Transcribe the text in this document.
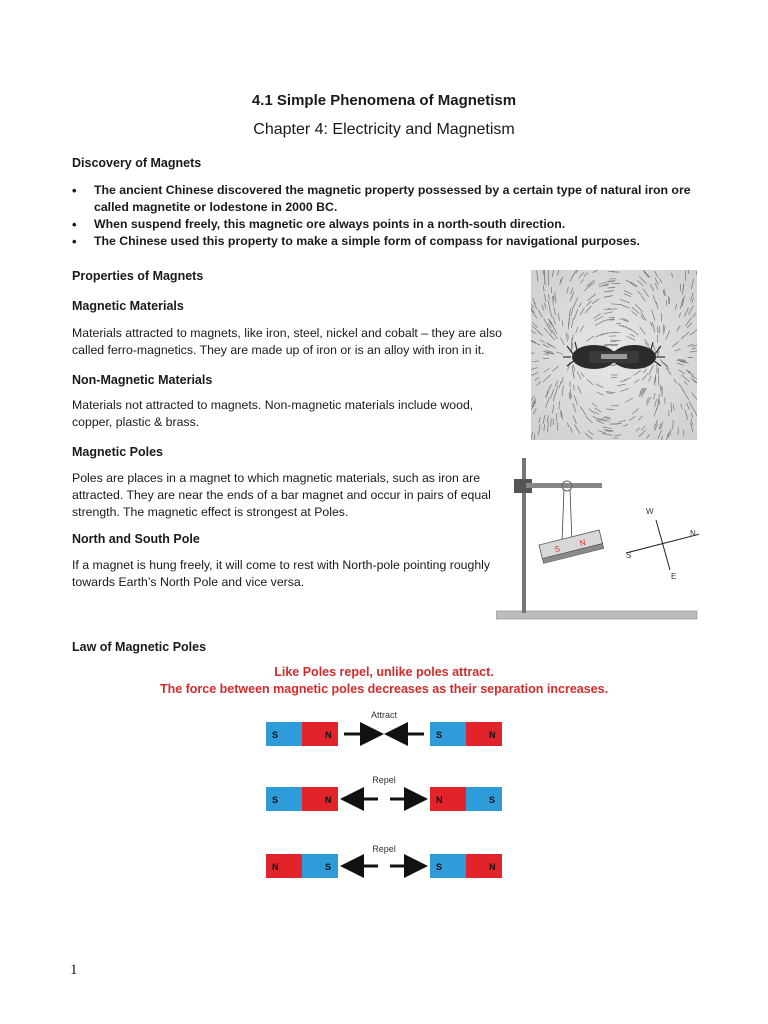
4.1 Simple Phenomena of Magnetism
Chapter 4: Electricity and Magnetism
Discovery of Magnets
• The ancient Chinese discovered the magnetic property possessed by a certain type of natural iron ore called magnetite or lodestone in 2000 BC.
• When suspend freely, this magnetic ore always points in a north-south direction.
• The Chinese used this property to make a simple form of compass for navigational purposes.
Properties of Magnets
Magnetic Materials
Materials attracted to magnets, like iron, steel, nickel and cobalt – they are also called ferro-magnetics. They are made up of iron or is an alloy with iron in it.
Non-Magnetic Materials
Materials not attracted to magnets. Non-magnetic materials include wood, copper, plastic & brass.
Magnetic Poles
Poles are places in a magnet to which magnetic materials, such as iron are attracted. They are near the ends of a bar magnet and occur in pairs of equal strength. The magnetic effect is strongest at Poles.
North and South Pole
If a magnet is hung freely, it will come to rest with North-pole pointing roughly towards Earth’s North Pole and vice versa.
S
N
W
N
S
E
Law of Magnetic Poles
Like Poles repel, unlike poles attract.
The force between magnetic poles decreases as their separation increases.
Attract
S	N	S	N
Repel
S	N	N	S
Repel
N	S	S	N
1
